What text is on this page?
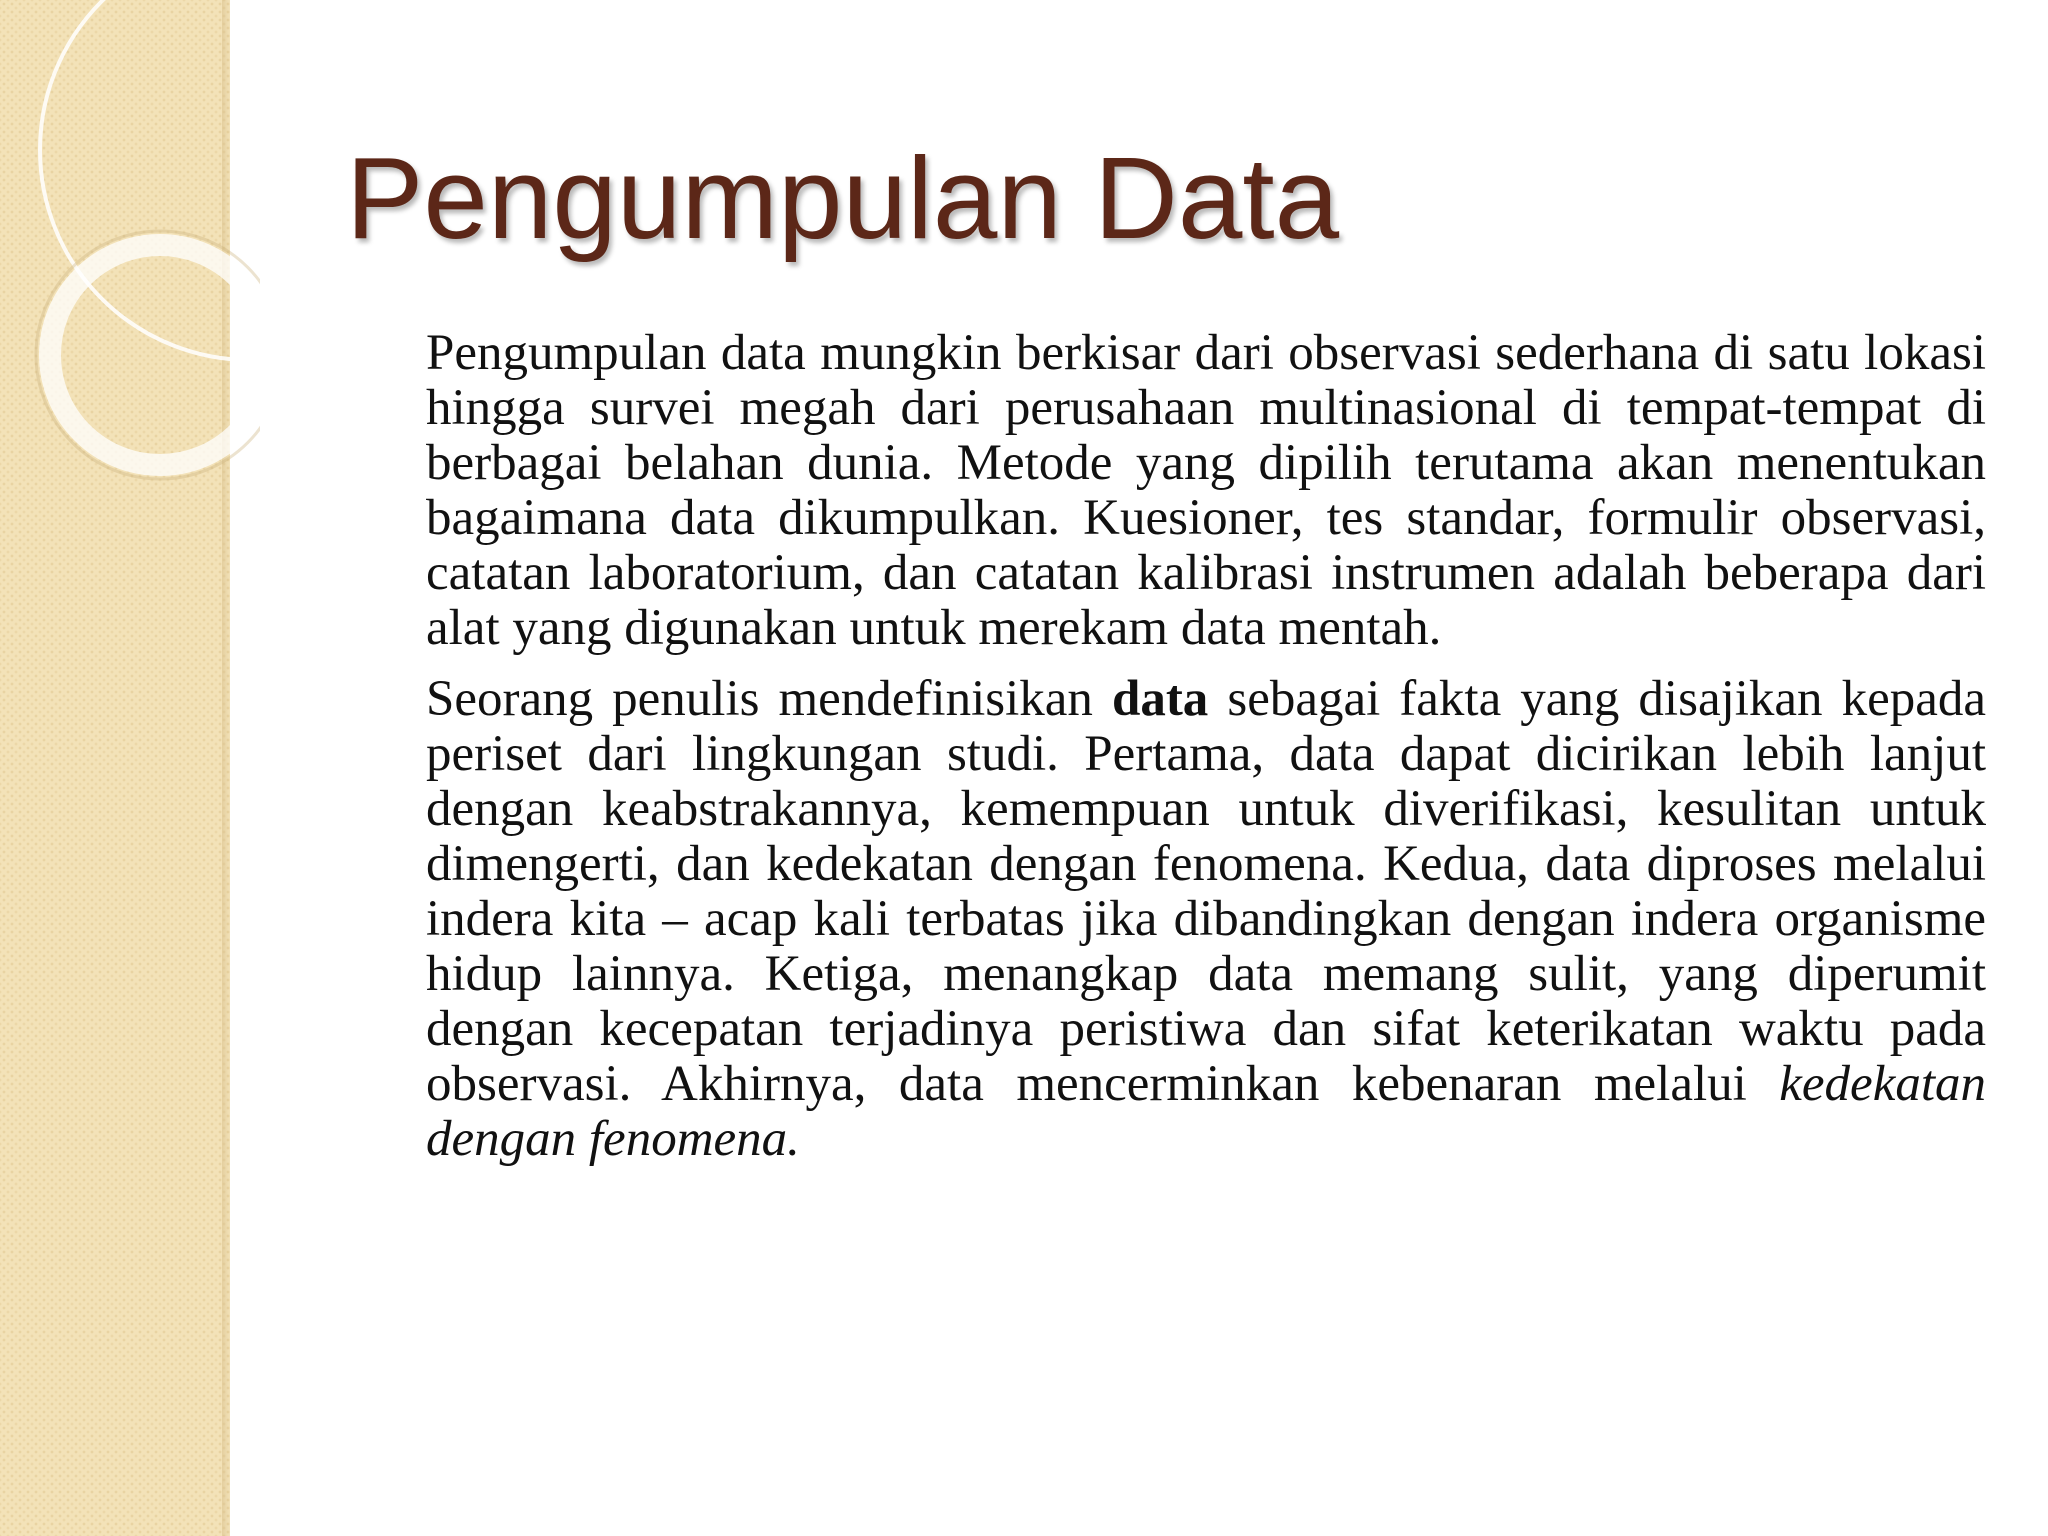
Pengumpulan Data

Pengumpulan data mungkin berkisar dari observasi sederhana di satu lokasi hingga survei megah dari perusahaan multinasional di tempat-tempat di berbagai belahan dunia. Metode yang dipilih terutama akan menentukan bagaimana data dikumpulkan. Kuesioner, tes standar, formulir observasi, catatan laboratorium, dan catatan kalibrasi instrumen adalah beberapa dari alat yang digunakan untuk merekam data mentah.

Seorang penulis mendefinisikan data sebagai fakta yang disajikan kepada periset dari lingkungan studi. Pertama, data dapat dicirikan lebih lanjut dengan keabstrakannya, kemempuan untuk diverifikasi, kesulitan untuk dimengerti, dan kedekatan dengan fenomena. Kedua, data diproses melalui indera kita – acap kali terbatas jika dibandingkan dengan indera organisme hidup lainnya. Ketiga, menangkap data memang sulit, yang diperumit dengan kecepatan terjadinya peristiwa dan sifat keterikatan waktu pada observasi. Akhirnya, data mencerminkan kebenaran melalui kedekatan dengan fenomena.
